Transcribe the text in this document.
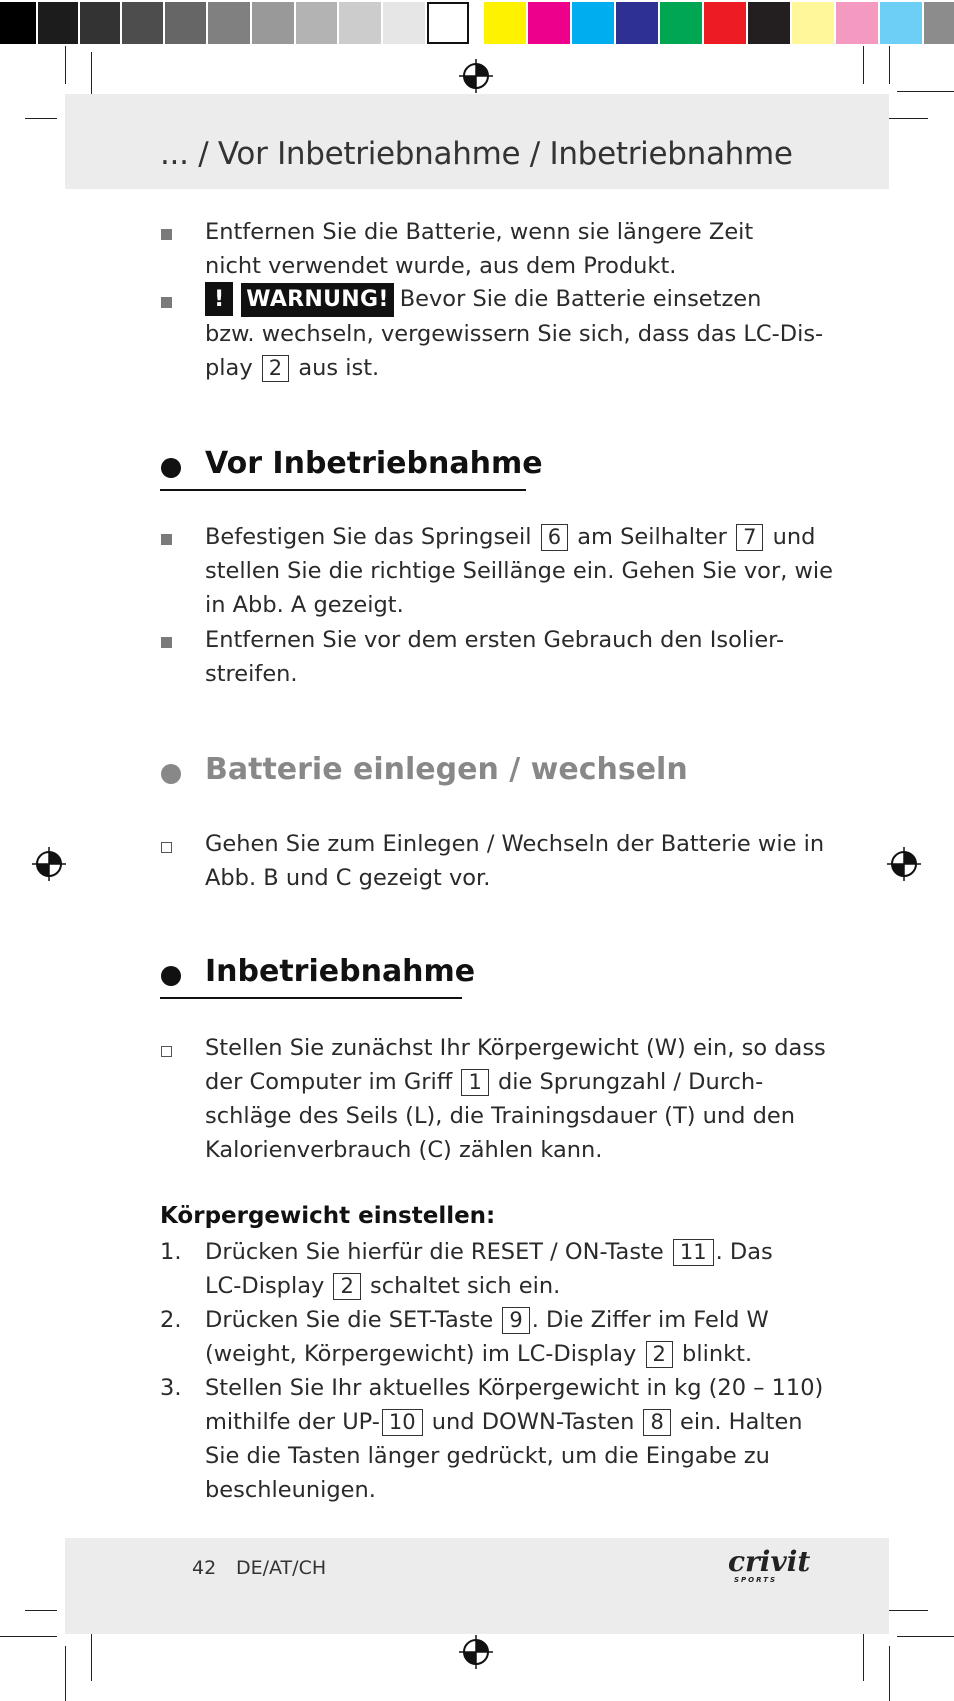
... / Vor Inbetriebnahme / Inbetriebnahme
Entfernen Sie die Batterie, wenn sie längere Zeit nicht verwendet wurde, aus dem Produkt.
! WARNUNG! Bevor Sie die Batterie einsetzen
bzw. wechseln, vergewissern Sie sich, dass das LC-Dis-
play 2 aus ist.
Vor Inbetriebnahme
Befestigen Sie das Springseil 6 am Seilhalter 7 und
stellen Sie die richtige Seillänge ein. Gehen Sie vor, wie
in Abb. A gezeigt.
Entfernen Sie vor dem ersten Gebrauch den Isolier-
streifen.
Batterie einlegen / wechseln
Gehen Sie zum Einlegen / Wechseln der Batterie wie in
Abb. B und C gezeigt vor.
Inbetriebnahme
Stellen Sie zunächst Ihr Körpergewicht (W) ein, so dass
der Computer im Griff 1 die Sprungzahl / Durch-
schläge des Seils (L), die Trainingsdauer (T) und den
Kalorienverbrauch (C) zählen kann.
Körpergewicht einstellen:
1. Drücken Sie hierfür die RESET / ON-Taste 11 . Das
LC-Display 2 schaltet sich ein.
2. Drücken Sie die SET-Taste 9 . Die Ziffer im Feld W
(weight, Körpergewicht) im LC-Display 2 blinkt.
3. Stellen Sie Ihr aktuelles Körpergewicht in kg (20 – 110)
mithilfe der UP- 10 und DOWN-Tasten 8 ein. Halten
Sie die Tasten länger gedrückt, um die Eingabe zu
beschleunigen.
42 DE/AT/CH	crivit
SPORTS
